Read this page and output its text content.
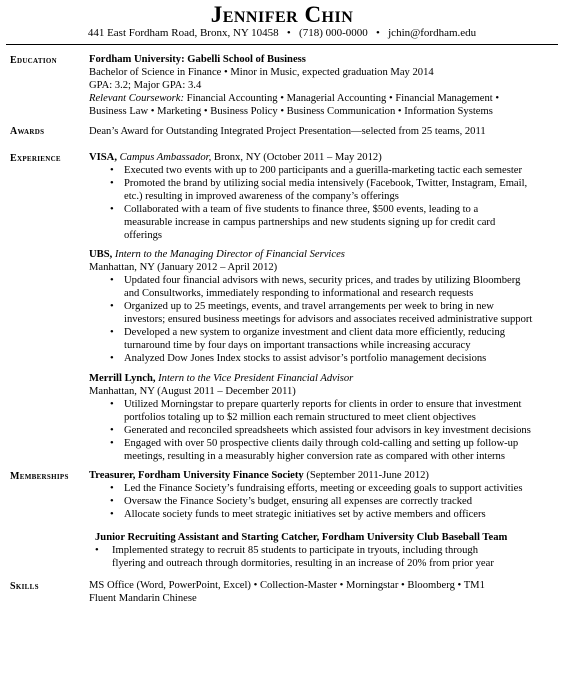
Jennifer Chin
441 East Fordham Road, Bronx, NY 10458   •   (718) 000-0000   •   jchin@fordham.edu
Education	Fordham University: Gabelli School of Business

Bachelor of Science in Finance • Minor in Music, expected graduation May 2014

GPA: 3.2; Major GPA: 3.4

Relevant Coursework: Financial Accounting • Managerial Accounting • Financial Management •

Business Law • Marketing • Business Policy • Business Communication • Information Systems

Awards	Dean’s Award for Outstanding Integrated Project Presentation—selected from 25 teams, 2011

Experience	VISA, Campus Ambassador, Bronx, NY (October 2011 – May 2012)

• Executed two events with up to 200 participants and a guerilla-marketing tactic each semester

• Promoted the brand by utilizing social media intensively (Facebook, Twitter, Instagram, Email,

etc.) resulting in improved awareness of the company’s offerings

• Collaborated with a team of five students to finance three, $500 events, leading to a

measurable increase in campus partnerships and new students signing up for credit card

offerings

UBS, Intern to the Managing Director of Financial Services

Manhattan, NY (January 2012 – April 2012)

• Updated four financial advisors with news, security prices, and trades by utilizing Bloomberg

and Consultworks, immediately responding to informational and research requests

• Organized up to 25 meetings, events, and travel arrangements per week to bring in new

investors; ensured business meetings for advisors and associates received administrative support

• Developed a new system to organize investment and client data more efficiently, reducing

turnaround time by four days on important transactions while increasing accuracy

• Analyzed Dow Jones Index stocks to assist advisor’s portfolio management decisions

Merrill Lynch, Intern to the Vice President Financial Advisor

Manhattan, NY (August 2011 – December 2011)

• Utilized Morningstar to prepare quarterly reports for clients in order to ensure that investment

portfolios totaling up to $2 million each remain structured to meet client objectives

• Generated and reconciled spreadsheets which assisted four advisors in key investment decisions

• Engaged with over 50 prospective clients daily through cold-calling and setting up follow-up

meetings, resulting in a measurably higher conversion rate as compared with other interns

Memberships Treasurer, Fordham University Finance Society (September 2011-June 2012)

• Led the Finance Society’s fundraising efforts, meeting or exceeding goals to support activities

• Oversaw the Finance Society’s budget, ensuring all expenses are correctly tracked

• Allocate society funds to meet strategic initiatives set by active members and officers

Junior Recruiting Assistant and Starting Catcher, Fordham University Club Baseball Team

• Implemented strategy to recruit 85 students to participate in tryouts, including through

flyering and outreach through dormitories, resulting in an increase of 20% from prior year

Skills	MS Office (Word, PowerPoint, Excel) • Collection-Master • Morningstar • Bloomberg • TM1

Fluent Mandarin Chinese
